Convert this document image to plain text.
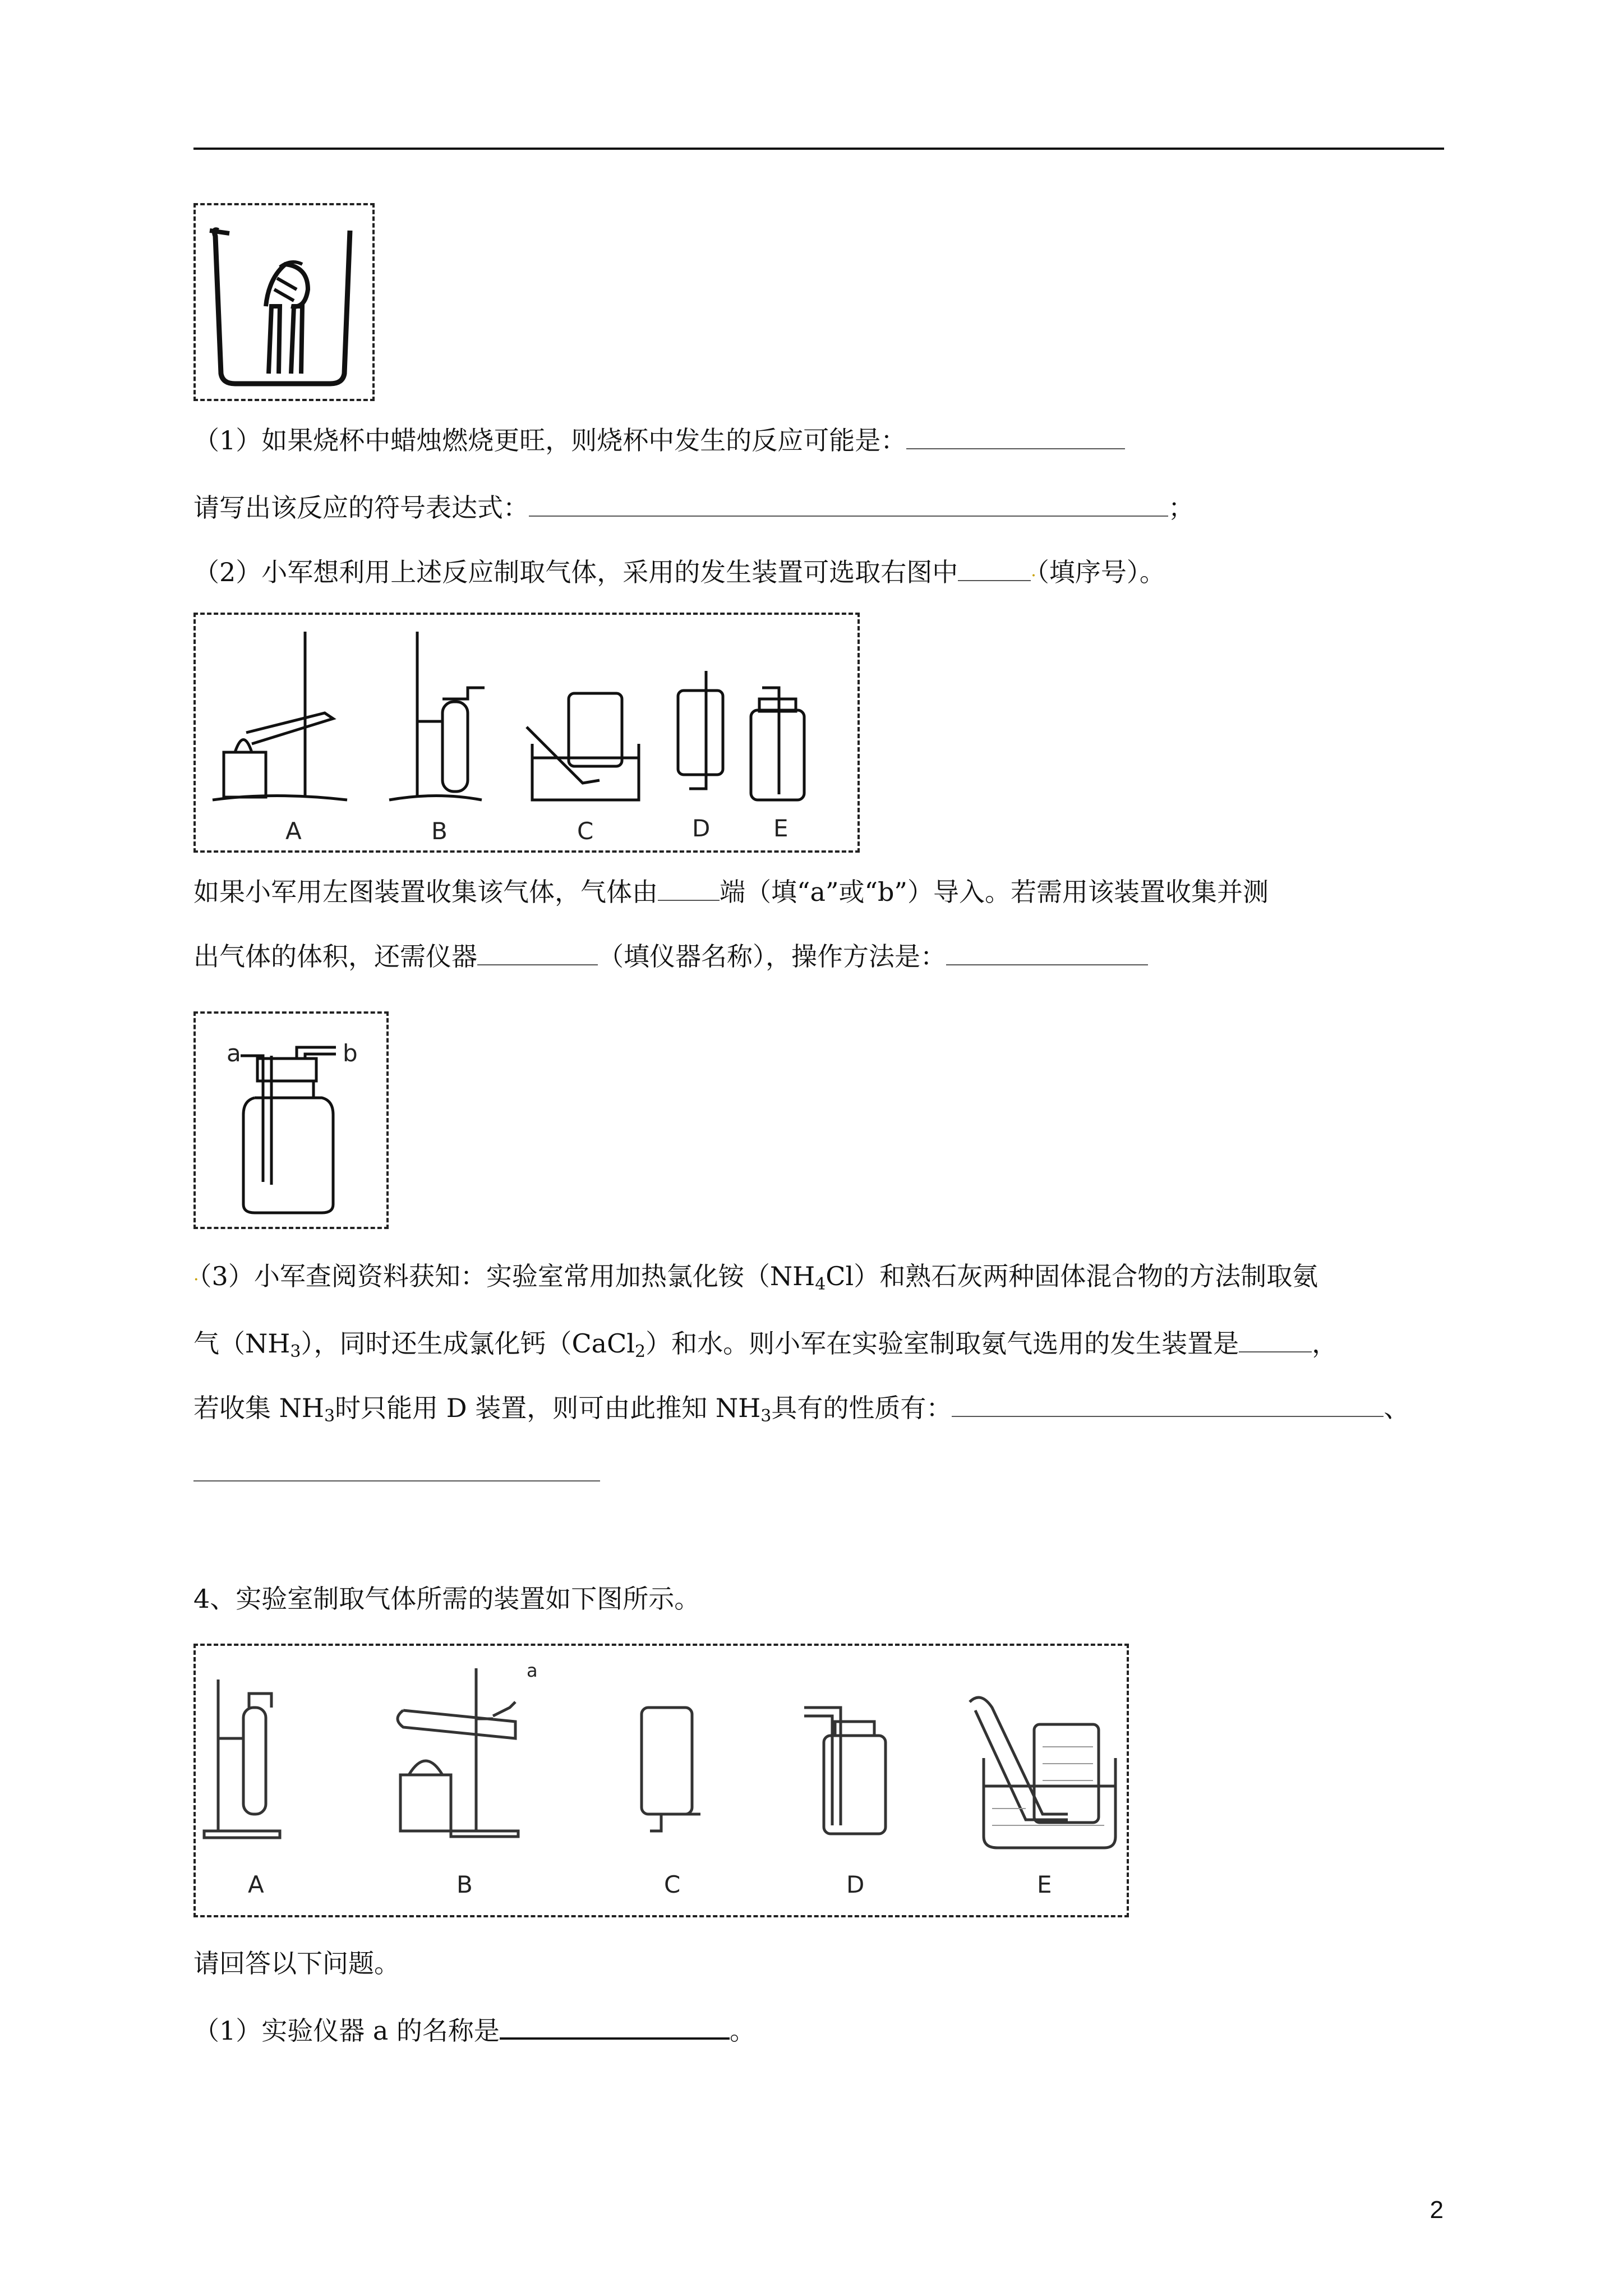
（1）如果烧杯中蜡烛燃烧更旺，则烧杯中发生的反应可能是：
请写出该反应的符号表达式：	；
（2）小军想利用上述反应制取气体，采用的发生装置可选取右图中	·（填序号）。
A	B	C	D	E
如果小军用左图装置收集该气体，气体由 端（填“a”或“b”）导入。若需用该装置收集并测
出气体的体积，还需仪器	（填仪器名称），操作方法是：
a	b
·（3）小军查阅资料获知：实验室常用加热氯化铵$(NH_4Cl)$和熟石灰两种固体混合物的方法制取氨
气$(NH_3)$，同时还生成氯化钙（CaCl$_2$）和水。则小军在实验室制取氨气选用的发生装置是	，
若收集 $NH_3$时只能用 D 装置，则可由此推知 $NH_3$具有的性质有：	、
4、实验室制取气体所需的装置如下图所示。
A	B	C	D	E
a
请回答以下问题。
（1）实验仪器 a 的名称是	。
2
